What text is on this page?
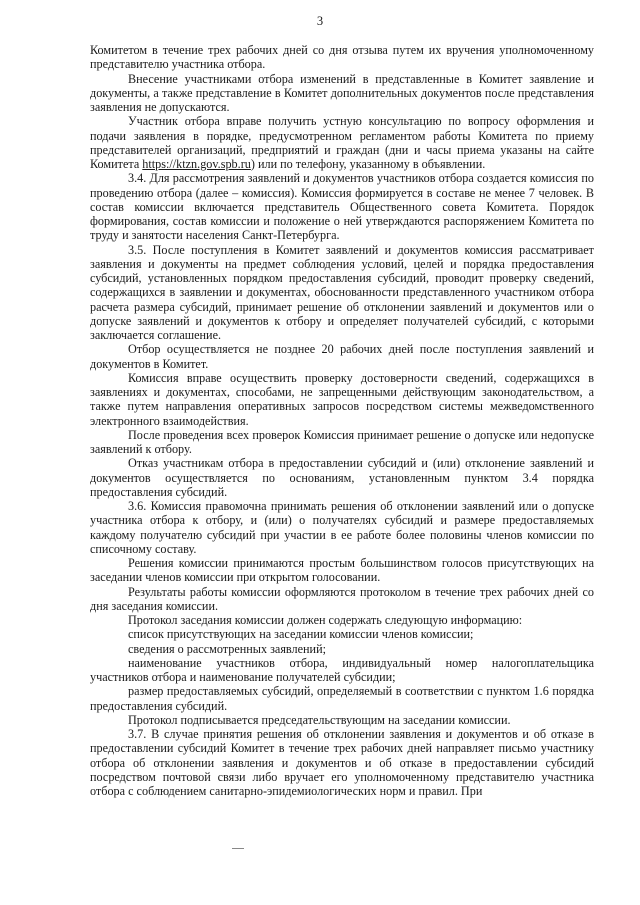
3

Комитетом в течение трех рабочих дней со дня отзыва путем их вручения уполномоченному представителю участника отбора.

Внесение участниками отбора изменений в представленные в Комитет заявление и документы, а также представление в Комитет дополнительных документов после представления заявления не допускаются.

Участник отбора вправе получить устную консультацию по вопросу оформления и подачи заявления в порядке, предусмотренном регламентом работы Комитета по приему представителей организаций, предприятий и граждан (дни и часы приема указаны на сайте Комитета https://ktzn.gov.spb.ru) или по телефону, указанному в объявлении.

3.4. Для рассмотрения заявлений и документов участников отбора создается комиссия по проведению отбора (далее – комиссия). Комиссия формируется в составе не менее 7 человек. В состав комиссии включается представитель Общественного совета Комитета. Порядок формирования, состав комиссии и положение о ней утверждаются распоряжением Комитета по труду и занятости населения Санкт-Петербурга.

3.5. После поступления в Комитет заявлений и документов комиссия рассматривает заявления и документы на предмет соблюдения условий, целей и порядка предоставления субсидий, установленных порядком предоставления субсидий, проводит проверку сведений, содержащихся в заявлении и документах, обоснованности представленного участником отбора расчета размера субсидий, принимает решение об отклонении заявлений и документов или о допуске заявлений и документов к отбору и определяет получателей субсидий, с которыми заключается соглашение.

Отбор осуществляется не позднее 20 рабочих дней после поступления заявлений и документов в Комитет.

Комиссия вправе осуществить проверку достоверности сведений, содержащихся в заявлениях и документах, способами, не запрещенными действующим законодательством, а также путем направления оперативных запросов посредством системы межведомственного электронного взаимодействия.

После проведения всех проверок Комиссия принимает решение о допуске или недопуске заявлений к отбору.

Отказ участникам отбора в предоставлении субсидий и (или) отклонение заявлений и документов осуществляется по основаниям, установленным пунктом 3.4 порядка предоставления субсидий.

3.6. Комиссия правомочна принимать решения об отклонении заявлений или о допуске участника отбора к отбору, и (или) о получателях субсидий и размере предоставляемых каждому получателю субсидий при участии в ее работе более половины членов комиссии по списочному составу.

Решения комиссии принимаются простым большинством голосов присутствующих на заседании членов комиссии при открытом голосовании.

Результаты работы комиссии оформляются протоколом в течение трех рабочих дней со дня заседания комиссии.

Протокол заседания комиссии должен содержать следующую информацию:

список присутствующих на заседании комиссии членов комиссии;

сведения о рассмотренных заявлений;

наименование участников отбора, индивидуальный номер налогоплательщика участников отбора и наименование получателей субсидии;

размер предоставляемых субсидий, определяемый в соответствии с пунктом 1.6 порядка предоставления субсидий.

Протокол подписывается председательствующим на заседании комиссии.

3.7. В случае принятия решения об отклонении заявления и документов и об отказе в предоставлении субсидий Комитет в течение трех рабочих дней направляет письмо участнику отбора об отклонении заявления и документов и об отказе в предоставлении субсидий посредством почтовой связи либо вручает его уполномоченному представителю участника отбора с соблюдением санитарно-эпидемиологических норм и правил. При
